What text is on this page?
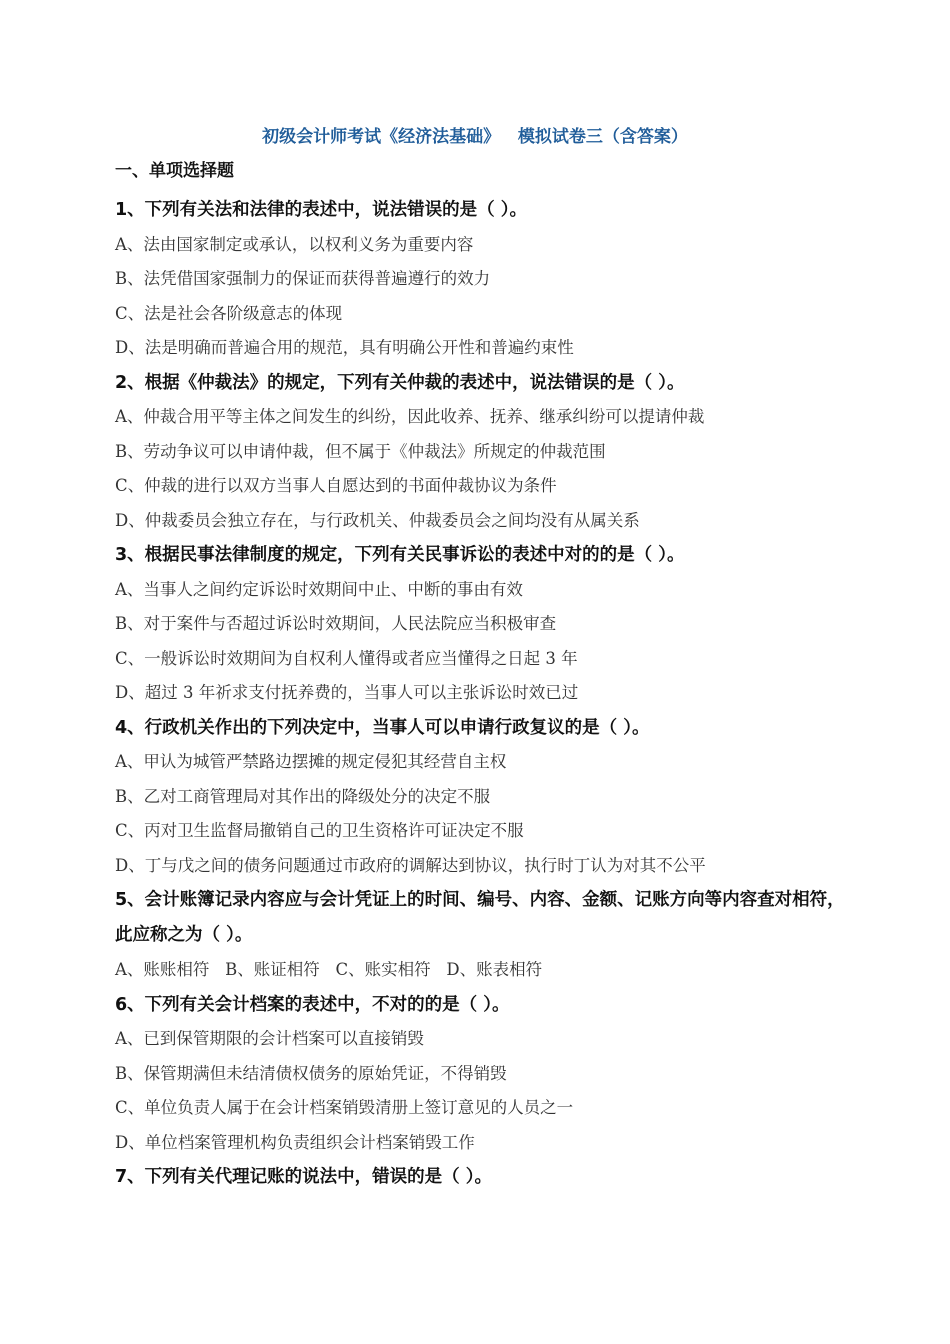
初级会计师考试《经济法基础》   模拟试卷三（含答案）
一、单项选择题

1、下列有关法和法律的表述中，说法错误的是（ ）。

A、法由国家制定或承认，以权利义务为重要内容

B、法凭借国家强制力的保证而获得普遍遵行的效力

C、法是社会各阶级意志的体现

D、法是明确而普遍合用的规范，具有明确公开性和普遍约束性

2、根据《仲裁法》的规定，下列有关仲裁的表述中，说法错误的是（ ）。

A、仲裁合用平等主体之间发生的纠纷，因此收养、抚养、继承纠纷可以提请仲裁

B、劳动争议可以申请仲裁，但不属于《仲裁法》所规定的仲裁范围

C、仲裁的进行以双方当事人自愿达到的书面仲裁协议为条件

D、仲裁委员会独立存在，与行政机关、仲裁委员会之间均没有从属关系

3、根据民事法律制度的规定，下列有关民事诉讼的表述中对的的是（ ）。

A、当事人之间约定诉讼时效期间中止、中断的事由有效

B、对于案件与否超过诉讼时效期间，人民法院应当积极审查

C、一般诉讼时效期间为自权利人懂得或者应当懂得之日起 3 年

D、超过 3 年祈求支付抚养费的，当事人可以主张诉讼时效已过

4、行政机关作出的下列决定中，当事人可以申请行政复议的是（ ）。

A、甲认为城管严禁路边摆摊的规定侵犯其经营自主权

B、乙对工商管理局对其作出的降级处分的决定不服

C、丙对卫生监督局撤销自己的卫生资格许可证决定不服

D、丁与戊之间的债务问题通过市政府的调解达到协议，执行时丁认为对其不公平

5、会计账簿记录内容应与会计凭证上的时间、编号、内容、金额、记账方向等内容查对相符，此应称之为（ ）。

A、账账相符   B、账证相符   C、账实相符   D、账表相符

6、下列有关会计档案的表述中，不对的的是（ ）。

A、已到保管期限的会计档案可以直接销毁

B、保管期满但未结清债权债务的原始凭证，不得销毁

C、单位负责人属于在会计档案销毁清册上签订意见的人员之一

D、单位档案管理机构负责组织会计档案销毁工作

7、下列有关代理记账的说法中，错误的是（ ）。
